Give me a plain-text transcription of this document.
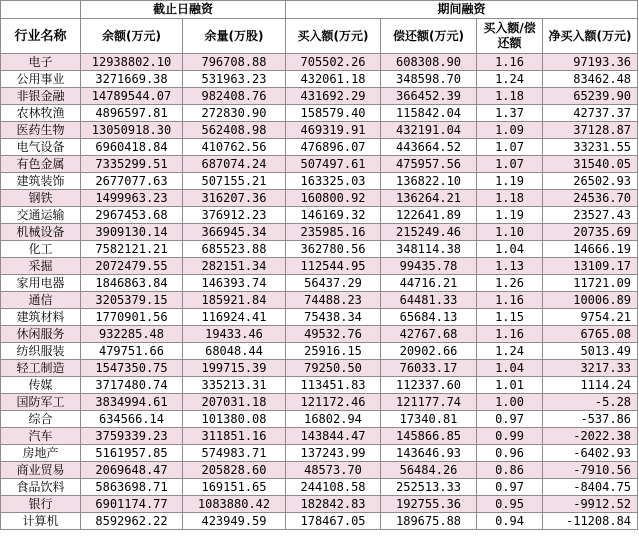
	截止日融资		期间融资			
行业名称	余额(万元)	余量(万股)	买入额(万元)	偿还额(万元)	买入额/偿还额	净买入额(万元)
电子	12938802.10	796708.88	705502.26	608308.90	1.16	97193.36
公用事业	3271669.38	531963.23	432061.18	348598.70	1.24	83462.48
非银金融	14789544.07	982408.76	431692.29	366452.39	1.18	65239.90
农林牧渔	4896597.81	272830.90	158579.40	115842.04	1.37	42737.37
医药生物	13050918.30	562408.98	469319.91	432191.04	1.09	37128.87
电气设备	6960418.84	410762.56	476896.07	443664.52	1.07	33231.55
有色金属	7335299.51	687074.24	507497.61	475957.56	1.07	31540.05
建筑装饰	2677077.63	507155.21	163325.03	136822.10	1.19	26502.93
钢铁	1499963.23	316207.36	160800.92	136264.21	1.18	24536.70
交通运输	2967453.68	376912.23	146169.32	122641.89	1.19	23527.43
机械设备	3909130.14	366945.34	235985.16	215249.46	1.10	20735.69
化工	7582121.21	685523.88	362780.56	348114.38	1.04	14666.19
采掘	2072479.55	282151.34	112544.95	99435.78	1.13	13109.17
家用电器	1846863.84	146393.74	56437.29	44716.21	1.26	11721.09
通信	3205379.15	185921.84	74488.23	64481.33	1.16	10006.89
建筑材料	1770901.56	116924.41	75438.34	65684.13	1.15	9754.21
休闲服务	932285.48	19433.46	49532.76	42767.68	1.16	6765.08
纺织服装	479751.66	68048.44	25916.15	20902.66	1.24	5013.49
轻工制造	1547350.75	199715.39	79250.50	76033.17	1.04	3217.33
传媒	3717480.74	335213.31	113451.83	112337.60	1.01	1114.24
国防军工	3834994.61	207031.18	121172.46	121177.74	1.00	-5.28
综合	634566.14	101380.08	16802.94	17340.81	0.97	-537.86
汽车	3759339.23	311851.16	143844.47	145866.85	0.99	-2022.38
房地产	5161957.85	574983.71	137243.99	143646.93	0.96	-6402.93
商业贸易	2069648.47	205828.60	48573.70	56484.26	0.86	-7910.56
食品饮料	5863698.71	169151.65	244108.58	252513.33	0.97	-8404.75
银行	6901174.77	1083880.42	182842.83	192755.36	0.95	-9912.52
计算机	8592962.22	423949.59	178467.05	189675.88	0.94	-11208.84
